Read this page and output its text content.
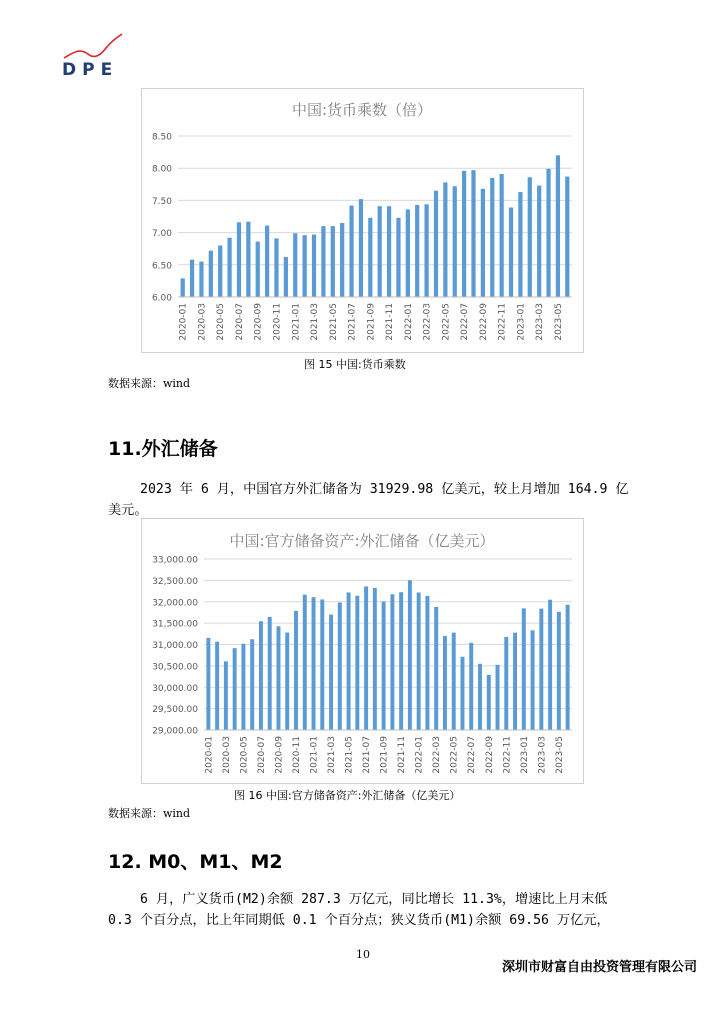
DPE
中国:货币乘数（倍）
6.00
6.50
7.00
7.50
8.00
8.50
2020-01 2020-03 2020-05 2020-07 2020-09 2020-11 2021-01 2021-03 2021-05 2021-07 2021-09 2021-11 2022-01 2022-03 2022-05 2022-07 2022-09 2022-11 2023-01 2023-03 2023-05
图 15 中国:货币乘数
数据来源：wind
11.外汇储备
2023 年 6 月，中国官方外汇储备为 31929.98 亿美元，较上月增加 164.9 亿
美元。
中国:官方储备资产:外汇储备（亿美元）
29,000.00
29,500.00
30,000.00
30,500.00
31,000.00
31,500.00
32,000.00
32,500.00
33,000.00
2020-01 2020-03 2020-05 2020-07 2020-09 2020-11 2021-01 2021-03 2021-05 2021-07 2021-09 2021-11 2022-01 2022-03 2022-05 2022-07 2022-09 2022-11 2023-01 2023-03 2023-05
图 16 中国:官方储备资产:外汇储备（亿美元）
数据来源：wind
12. M0、M1、M2
6 月，广义货币(M2)余额 287.3 万亿元，同比增长 11.3%，增速比上月末低
0.3 个百分点，比上年同期低 0.1 个百分点；狭义货币(M1)余额 69.56 万亿元，
10
深圳市财富自由投资管理有限公司
